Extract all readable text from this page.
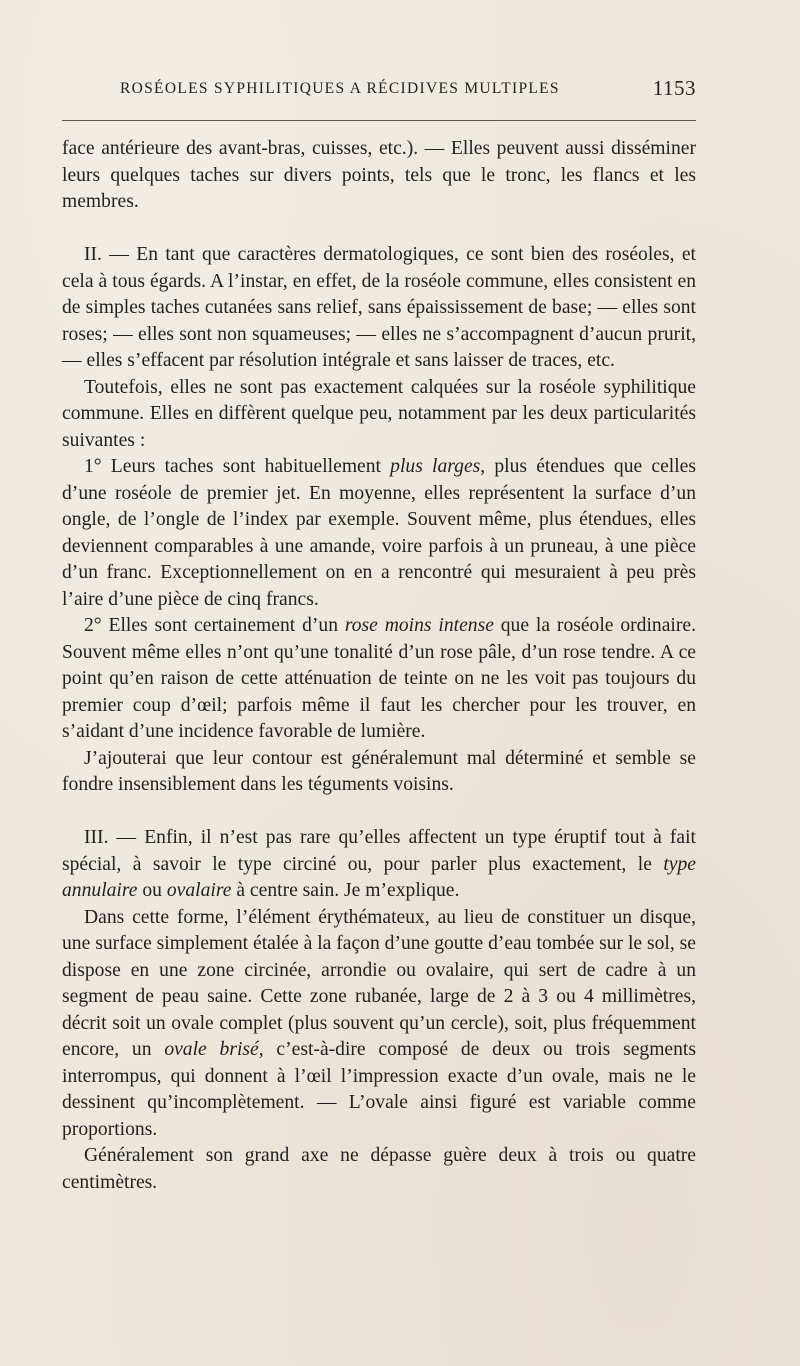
ROSÉOLES SYPHILITIQUES A RÉCIDIVES MULTIPLES	1153

face antérieure des avant-bras, cuisses, etc.). — Elles peuvent aussi disséminer leurs quelques taches sur divers points, tels que le tronc, les flancs et les membres.

II. — En tant que caractères dermatologiques, ce sont bien des roséoles, et cela à tous égards. A l’instar, en effet, de la roséole commune, elles consistent en de simples taches cutanées sans relief, sans épaississement de base; — elles sont roses; — elles sont non squameuses; — elles ne s’accompagnent d’aucun prurit, — elles s’effacent par résolution intégrale et sans laisser de traces, etc.

Toutefois, elles ne sont pas exactement calquées sur la roséole syphilitique commune. Elles en diffèrent quelque peu, notamment par les deux particularités suivantes :

1° Leurs taches sont habituellement plus larges, plus étendues que celles d’une roséole de premier jet. En moyenne, elles représentent la surface d’un ongle, de l’ongle de l’index par exemple. Souvent même, plus étendues, elles deviennent comparables à une amande, voire parfois à un pruneau, à une pièce d’un franc. Exceptionnellement on en a rencontré qui mesuraient à peu près l’aire d’une pièce de cinq francs.

2° Elles sont certainement d’un rose moins intense que la roséole ordinaire. Souvent même elles n’ont qu’une tonalité d’un rose pâle, d’un rose tendre. A ce point qu’en raison de cette atténuation de teinte on ne les voit pas toujours du premier coup d’œil; parfois même il faut les chercher pour les trouver, en s’aidant d’une incidence favorable de lumière.

J’ajouterai que leur contour est généralemunt mal déterminé et semble se fondre insensiblement dans les téguments voisins.

III. — Enfin, il n’est pas rare qu’elles affectent un type éruptif tout à fait spécial, à savoir le type circiné ou, pour parler plus exactement, le type annulaire ou ovalaire à centre sain. Je m’explique.

Dans cette forme, l’élément érythémateux, au lieu de constituer un disque, une surface simplement étalée à la façon d’une goutte d’eau tombée sur le sol, se dispose en une zone circinée, arrondie ou ovalaire, qui sert de cadre à un segment de peau saine. Cette zone rubanée, large de 2 à 3 ou 4 millimètres, décrit soit un ovale complet (plus souvent qu’un cercle), soit, plus fréquemment encore, un ovale brisé, c’est-à-dire composé de deux ou trois segments interrompus, qui donnent à l’œil l’impression exacte d’un ovale, mais ne le dessinent qu’incomplètement. — L’ovale ainsi figuré est variable comme proportions.

Généralement son grand axe ne dépasse guère deux à trois ou quatre centimètres.
